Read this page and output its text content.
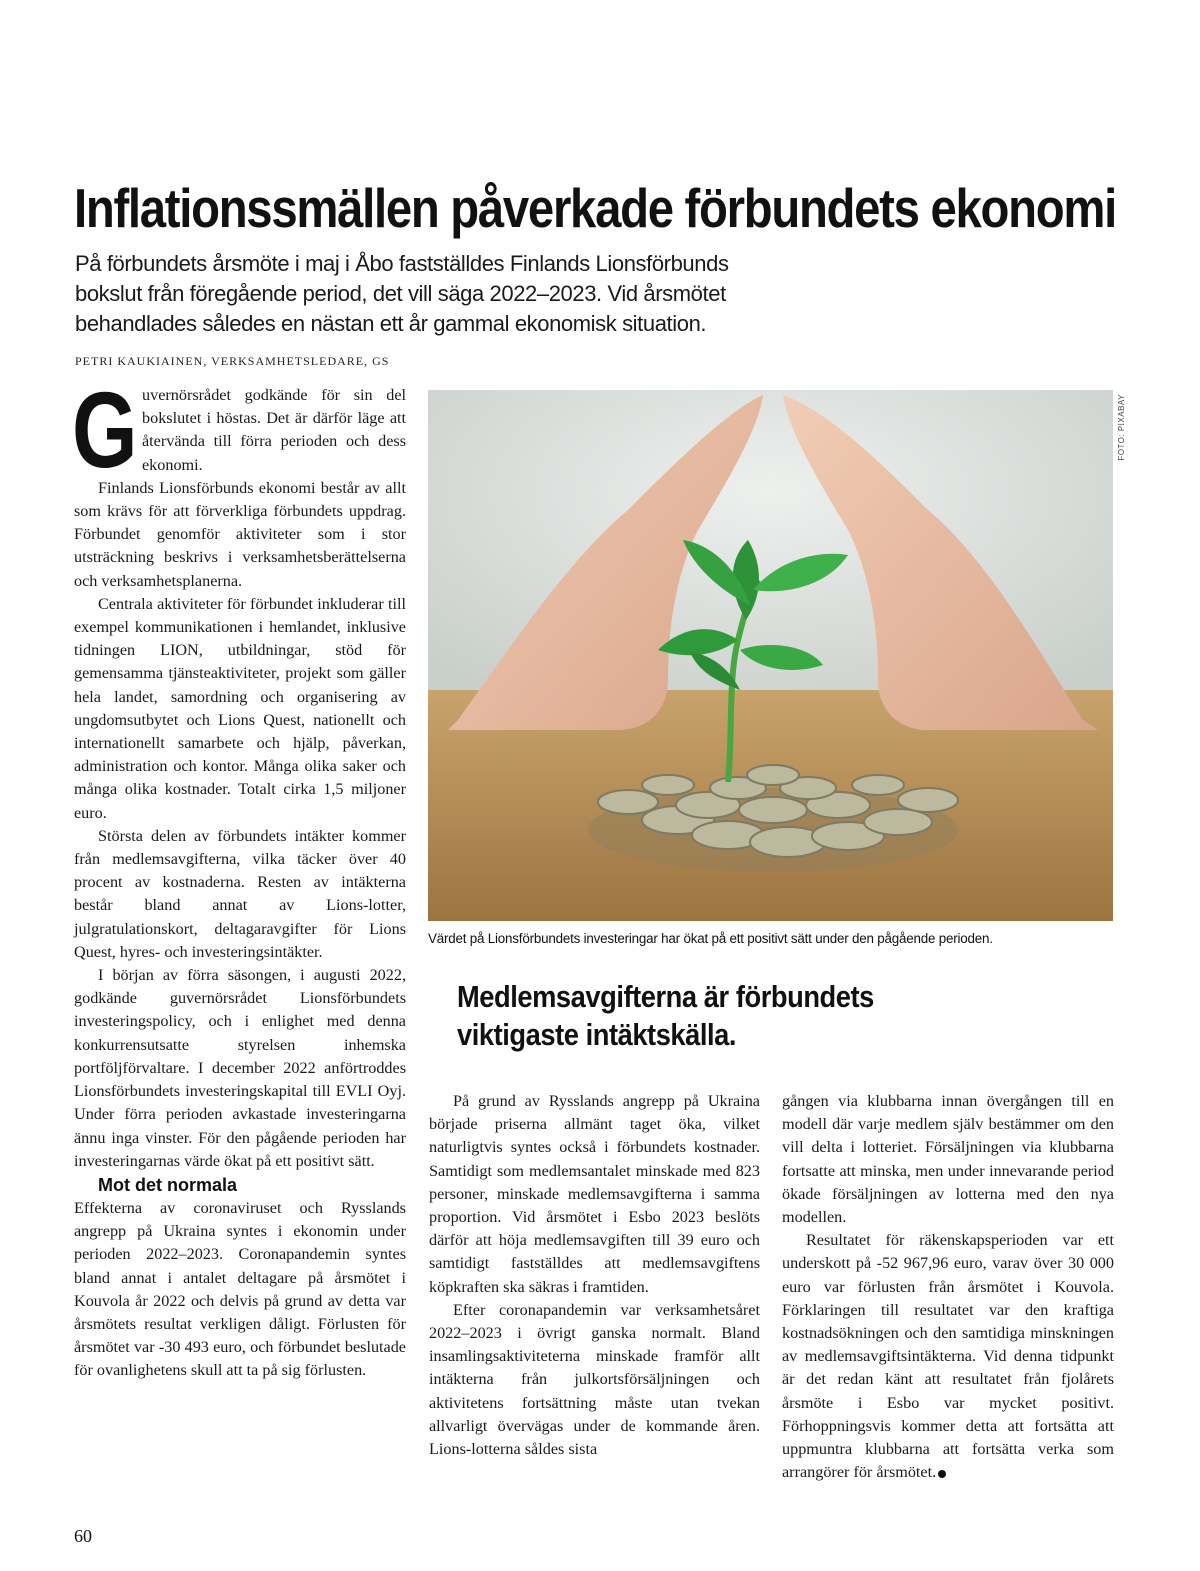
Inflationssmällen påverkade förbundets ekonomi

På förbundets årsmöte i maj i Åbo fastställdes Finlands Lionsförbunds bokslut från föregående period, det vill säga 2022–2023. Vid årsmötet behandlades således en nästan ett år gammal ekonomisk situation.

PETRI KAUKIAINEN, VERKSAMHETSLEDARE, GS

G uvernörsrådet godkände för sin del bokslutet i höstas. Det är därför läge att återvända till förra perioden och dess ekonomi.

Finlands Lionsförbunds ekonomi består av allt som krävs för att förverkliga förbundets uppdrag. Förbundet genomför aktiviteter som i stor utsträckning beskrivs i verksamhetsberättelserna och verksamhetsplanerna.

Centrala aktiviteter för förbundet inkluderar till exempel kommunikationen i hemlandet, inklusive tidningen LION, utbildningar, stöd för gemensamma tjänsteaktiviteter, projekt som gäller hela landet, samordning och organisering av ungdomsutbytet och Lions Quest, nationellt och internationellt samarbete och hjälp, påverkan, administration och kontor. Många olika saker och många olika kostnader. Totalt cirka 1,5 miljoner euro.

Största delen av förbundets intäkter kommer från medlemsavgifterna, vilka täcker över 40 procent av kostnaderna. Resten av intäkterna består bland annat av Lions-lotter, julgratulationskort, deltagaravgifter för Lions Quest, hyres- och investeringsintäkter.

I början av förra säsongen, i augusti 2022, godkände guvernörsrådet Lionsförbundets investeringspolicy, och i enlighet med denna konkurrensutsatte styrelsen inhemska portföljförvaltare. I december 2022 anförtroddes Lionsförbundets investeringskapital till EVLI Oyj. Under förra perioden avkastade investeringarna ännu inga vinster. För den pågående perioden har investeringarnas värde ökat på ett positivt sätt.

Mot det normala

Effekterna av coronaviruset och Rysslands angrepp på Ukraina syntes i ekonomin under perioden 2022–2023. Coronapandemin syntes bland annat i antalet deltagare på årsmötet i Kouvola år 2022 och delvis på grund av detta var årsmötets resultat verkligen dåligt. Förlusten för årsmötet var -30 493 euro, och förbundet beslutade för ovanlighetens skull att ta på sig förlusten.

FOTO: PIXABAY

Värdet på Lionsförbundets investeringar har ökat på ett positivt sätt under den pågående perioden.

Medlemsavgifterna är förbundets viktigaste intäktskälla.

På grund av Rysslands angrepp på Ukraina började priserna allmänt taget öka, vilket naturligtvis syntes också i förbundets kostnader. Samtidigt som medlemsantalet minskade med 823 personer, minskade medlemsavgifterna i samma proportion. Vid årsmötet i Esbo 2023 beslöts därför att höja medlemsavgiften till 39 euro och samtidigt fastställdes att medlemsavgiftens köpkraften ska säkras i framtiden.

Efter coronapandemin var verksamhetsåret 2022–2023 i övrigt ganska normalt. Bland insamlingsaktiviteterna minskade framför allt intäkterna från julkortsförsäljningen och aktivitetens fortsättning måste utan tvekan allvarligt övervägas under de kommande åren. Lions-lotterna såldes sista

gången via klubbarna innan övergången till en modell där varje medlem själv bestämmer om den vill delta i lotteriet. Försäljningen via klubbarna fortsatte att minska, men under innevarande period ökade försäljningen av lotterna med den nya modellen.

Resultatet för räkenskapsperioden var ett underskott på -52 967,96 euro, varav över 30 000 euro var förlusten från årsmötet i Kouvola. Förklaringen till resultatet var den kraftiga kostnadsökningen och den samtidiga minskningen av medlemsavgiftsintäkterna. Vid denna tidpunkt är det redan känt att resultatet från fjolårets årsmöte i Esbo var mycket positivt. Förhoppningsvis kommer detta att fortsätta att uppmuntra klubbarna att fortsätta verka som arrangörer för årsmötet.

60
